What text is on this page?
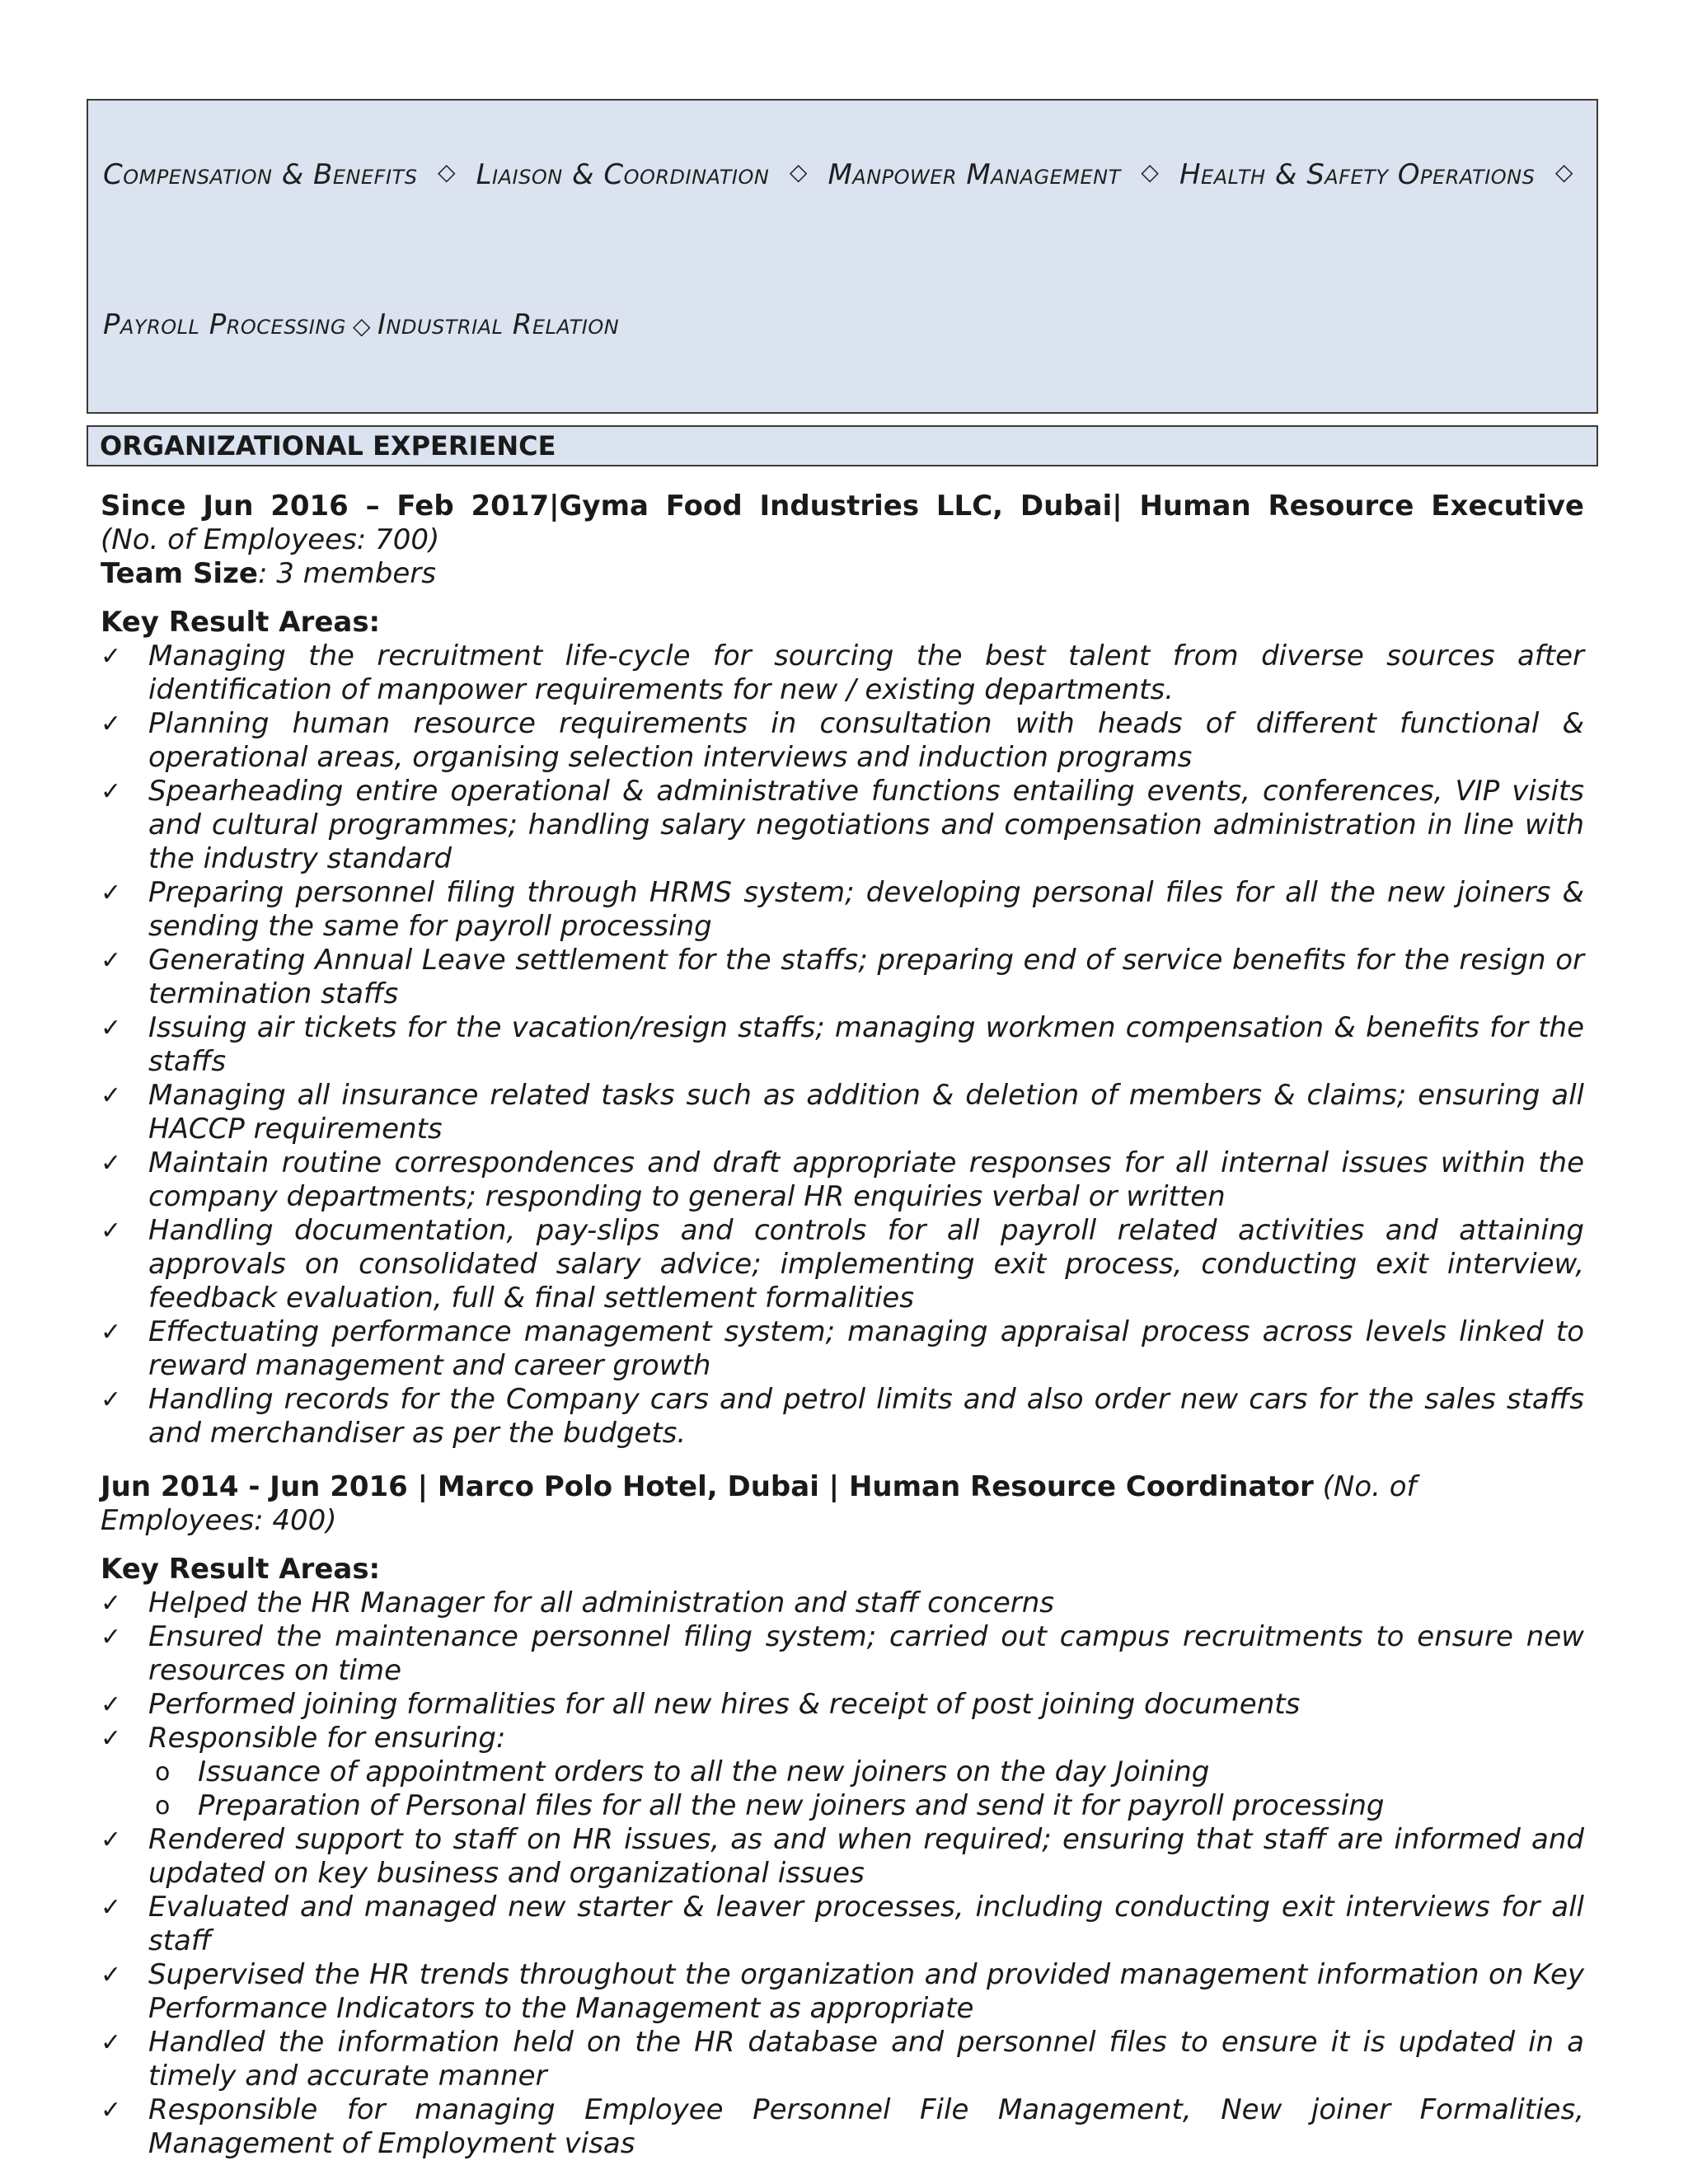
Compensation & Benefits ◇ Liaison & Coordination ◇ Manpower Management ◇ Health & Safety Operations ◇
Payroll Processing ◇ Industrial Relation
ORGANIZATIONAL EXPERIENCE

Since Jun 2016 – Feb 2017|Gyma Food Industries LLC, Dubai| Human Resource Executive

(No. of Employees: 700)

Team Size: 3 members

Key Result Areas:

✓ Managing the recruitment life-cycle for sourcing the best talent from diverse sources after identification of manpower requirements for new / existing departments.
✓ Planning human resource requirements in consultation with heads of different functional & operational areas, organising selection interviews and induction programs
✓ Spearheading entire operational & administrative functions entailing events, conferences, VIP visits and cultural programmes; handling salary negotiations and compensation administration in line with the industry standard
✓ Preparing personnel filing through HRMS system; developing personal files for all the new joiners & sending the same for payroll processing
✓ Generating Annual Leave settlement for the staffs; preparing end of service benefits for the resign or termination staffs
✓ Issuing air tickets for the vacation/resign staffs; managing workmen compensation & benefits for the staffs
✓ Managing all insurance related tasks such as addition & deletion of members & claims; ensuring all HACCP requirements
✓ Maintain routine correspondences and draft appropriate responses for all internal issues within the company departments; responding to general HR enquiries verbal or written
✓ Handling documentation, pay-slips and controls for all payroll related activities and attaining approvals on consolidated salary advice; implementing exit process, conducting exit interview, feedback evaluation, full & final settlement formalities
✓ Effectuating performance management system; managing appraisal process across levels linked to reward management and career growth
✓ Handling records for the Company cars and petrol limits and also order new cars for the sales staffs and merchandiser as per the budgets.

Jun 2014 - Jun 2016 | Marco Polo Hotel, Dubai | Human Resource Coordinator (No. of Employees: 400)

Key Result Areas:

✓ Helped the HR Manager for all administration and staff concerns
✓ Ensured the maintenance personnel filing system; carried out campus recruitments to ensure new resources on time
✓ Performed joining formalities for all new hires & receipt of post joining documents
✓ Responsible for ensuring:
o Issuance of appointment orders to all the new joiners on the day Joining
o Preparation of Personal files for all the new joiners and send it for payroll processing
✓ Rendered support to staff on HR issues, as and when required; ensuring that staff are informed and updated on key business and organizational issues
✓ Evaluated and managed new starter & leaver processes, including conducting exit interviews for all staff
✓ Supervised the HR trends throughout the organization and provided management information on Key Performance Indicators to the Management as appropriate
✓ Handled the information held on the HR database and personnel files to ensure it is updated in a timely and accurate manner
✓ Responsible for managing Employee Personnel File Management, New joiner Formalities, Management of Employment visas
